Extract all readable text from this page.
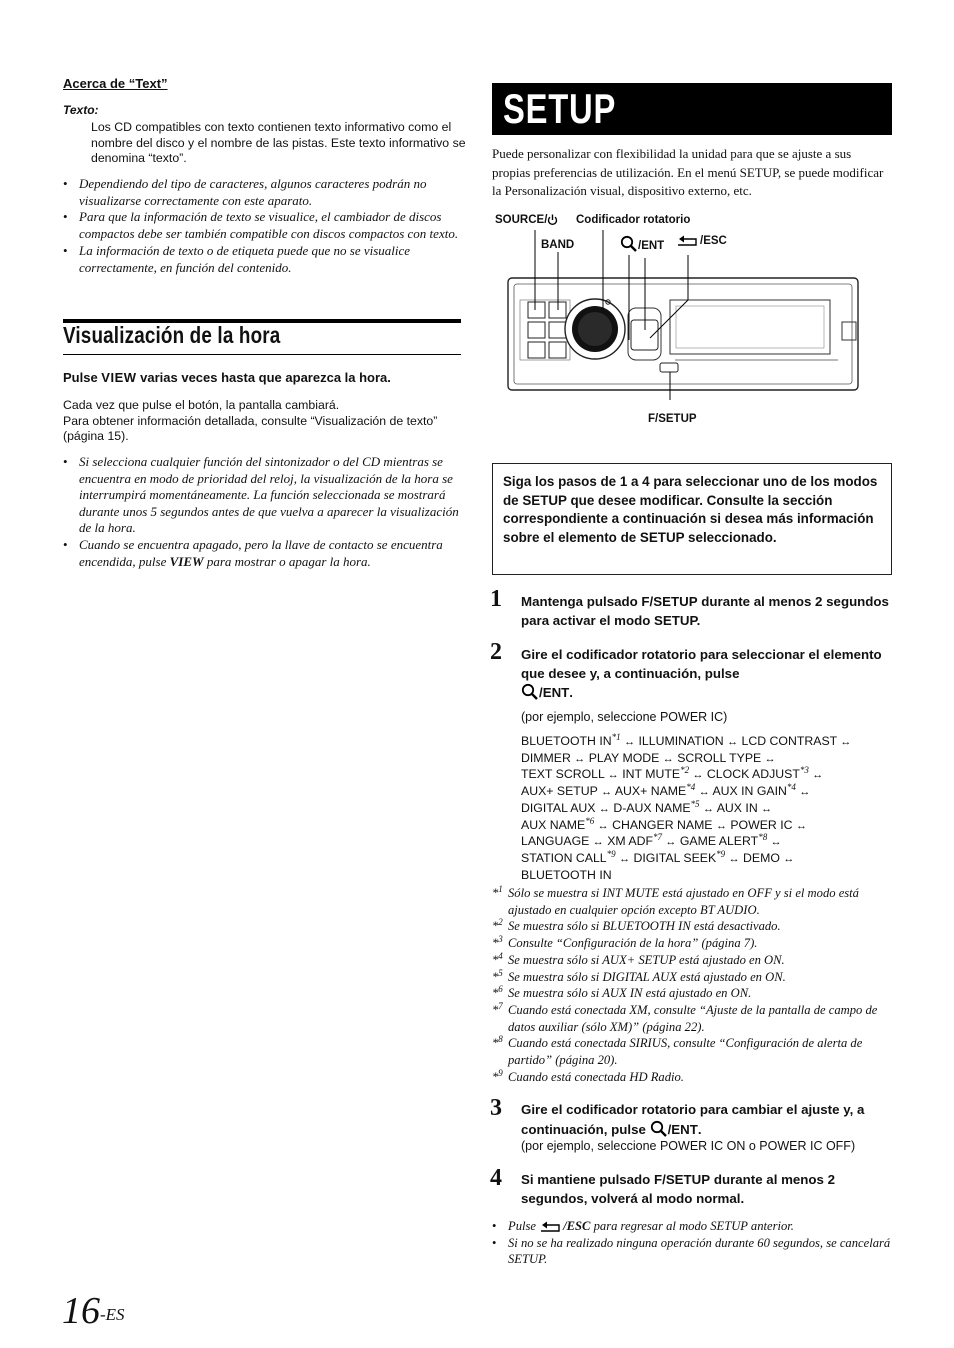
Acerca de “Text”
Texto:
Los CD compatibles con texto contienen texto informativo como el nombre del disco y el nombre de las pistas. Este texto informativo se denomina “texto”.
• Dependiendo del tipo de caracteres, algunos caracteres podrán no visualizarse correctamente con este aparato.
• Para que la información de texto se visualice, el cambiador de discos compactos debe ser también compatible con discos compactos con texto.
• La información de texto o de etiqueta puede que no se visualice correctamente, en función del contenido.
Visualización de la hora
Pulse VIEW varias veces hasta que aparezca la hora.
Cada vez que pulse el botón, la pantalla cambiará.
Para obtener información detallada, consulte “Visualización de texto” (página 15).
• Si selecciona cualquier función del sintonizador o del CD mientras se encuentra en modo de prioridad del reloj, la visualización de la hora se interrumpirá momentáneamente. La función seleccionada se mostrará durante unos 5 segundos antes de que vuelva a aparecer la visualización de la hora.
• Cuando se encuentra apagado, pero la llave de contacto se encuentra encendida, pulse VIEW para mostrar o apagar la hora.
SETUP
Puede personalizar con flexibilidad la unidad para que se ajuste a sus propias preferencias de utilización. En el menú SETUP, se puede modificar la Personalización visual, dispositivo externo, etc.
SOURCE/	Codificador rotatorio
BAND	/ENT	/ESC
F/SETUP

Siga los pasos de 1 a 4 para seleccionar uno de los modos de SETUP que desee modificar. Consulte la sección correspondiente a continuación si desea más información sobre el elemento de SETUP seleccionado.

1 Mantenga pulsado F/SETUP durante al menos 2 segundos para activar el modo SETUP.
2 Gire el codificador rotatorio para seleccionar el elemento que desee y, a continuación, pulse
/ENT.
(por ejemplo, seleccione POWER IC)
BLUETOOTH IN$^{*1}$ ↔ ILLUMINATION ↔ LCD CONTRAST ↔
DIMMER ↔ PLAY MODE ↔ SCROLL TYPE ↔
TEXT SCROLL ↔ INT MUTE$^{*2}$ ↔ CLOCK ADJUST$^{*3}$ ↔
AUX+ SETUP ↔ $AUX+ NAME^{*4}$ ↔ AUX IN GAIN$^{*4}$ ↔
DIGITAL AUX ↔ D-AUX NAME$^{*5}$ ↔ AUX IN ↔
AUX NAME$^{*6}$ ↔ CHANGER NAME ↔ POWER IC ↔
LANGUAGE ↔ XM ADF$^{*7}$ ↔ GAME ALERT$^{*8}$ ↔
STATION CALL$^{*9}$ ↔ DIGITAL SEEK$^{*9}$ ↔ DEMO ↔
BLUETOOTH IN
*$^1$ Sólo se muestra si INT MUTE está ajustado en OFF y si el modo está ajustado en cualquier opción excepto BT AUDIO.
*$^2$ Se muestra sólo si BLUETOOTH IN está desactivado.
*$^3$ Consulte “Configuración de la hora” (página 7).
*$^4$ Se muestra sólo si AUX+ SETUP está ajustado en ON.
*$^5$ Se muestra sólo si DIGITAL AUX está ajustado en ON.
*$^6$ Se muestra sólo si AUX IN está ajustado en ON.
*$^7$ Cuando está conectada XM, consulte “Ajuste de la pantalla de campo de datos auxiliar (sólo XM)” (página 22).
*$^8$ Cuando está conectada SIRIUS, consulte “Configuración de alerta de partido” (página 20).
*$^9$ Cuando está conectada HD Radio.
3 Gire el codificador rotatorio para cambiar el ajuste y, a continuación, pulse /ENT.
(por ejemplo, seleccione POWER IC ON o POWER IC OFF)
4 Si mantiene pulsado F/SETUP durante al menos 2 segundos, volverá al modo normal.
• Pulse /ESC para regresar al modo SETUP anterior.
• Si no se ha realizado ninguna operación durante 60 segundos, se cancelará SETUP.
16 -ES
